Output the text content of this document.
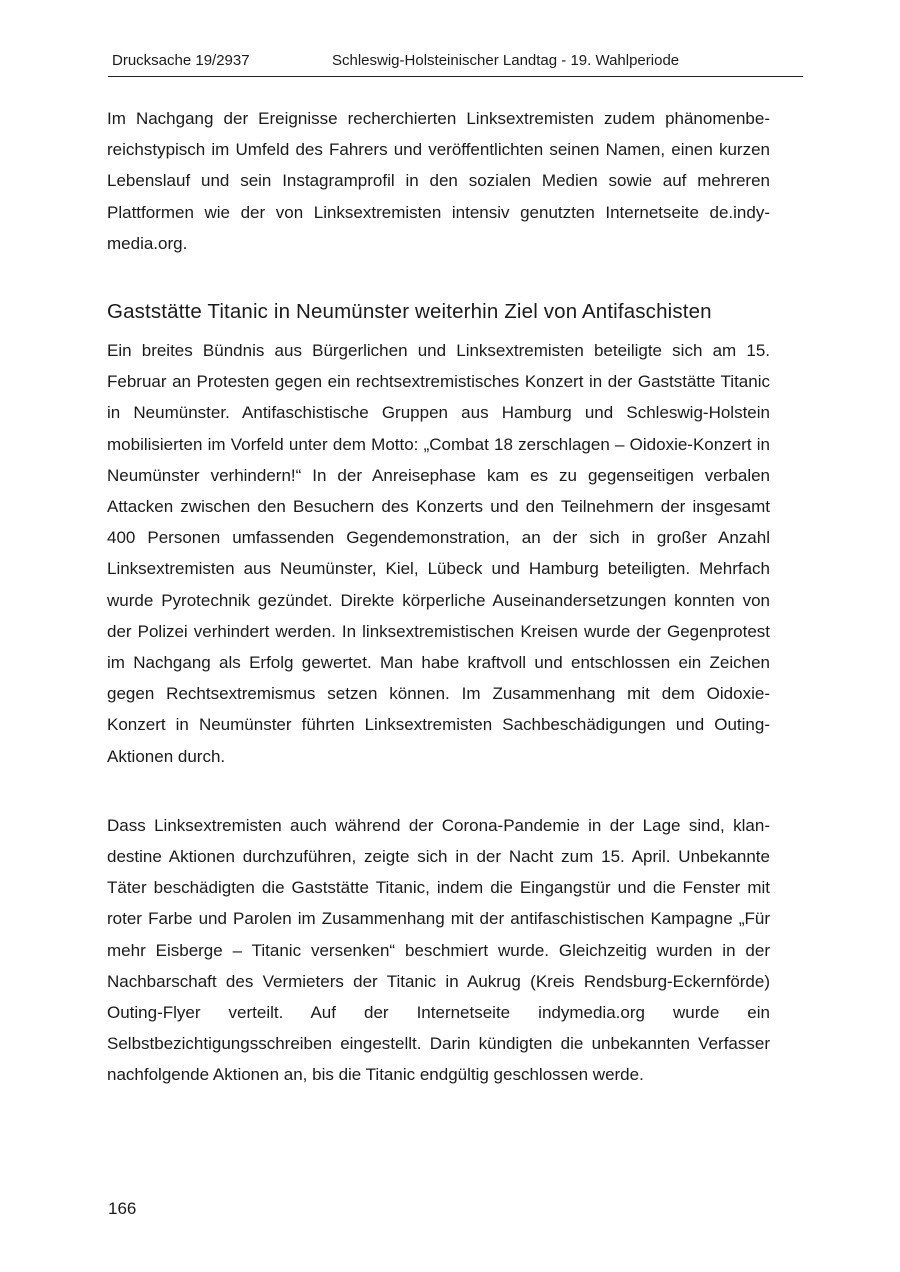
Drucksache 19/2937	Schleswig-Holsteinischer Landtag - 19. Wahlperiode

Im Nachgang der Ereignisse recherchierten Linksextremisten zudem phänomenbereichstypisch im Umfeld des Fahrers und veröffentlichten seinen Namen, einen kurzen Lebenslauf und sein Instagramprofil in den sozialen Medien sowie auf mehreren Plattformen wie der von Linksextremisten intensiv genutzten Internetseite de.indymedia.org.

Gaststätte Titanic in Neumünster weiterhin Ziel von Antifaschisten

Ein breites Bündnis aus Bürgerlichen und Linksextremisten beteiligte sich am 15. Februar an Protesten gegen ein rechtsextremistisches Konzert in der Gaststätte Titanic in Neumünster. Antifaschistische Gruppen aus Hamburg und Schleswig-Holstein mobilisierten im Vorfeld unter dem Motto: „Combat 18 zerschlagen – Oidoxie-Konzert in Neumünster verhindern!“ In der Anreisephase kam es zu gegenseitigen verbalen Attacken zwischen den Besuchern des Konzerts und den Teilnehmern der insgesamt 400 Personen umfassenden Gegendemonstration, an der sich in großer Anzahl Linksextremisten aus Neumünster, Kiel, Lübeck und Hamburg beteiligten. Mehrfach wurde Pyrotechnik gezündet. Direkte körperliche Auseinandersetzungen konnten von der Polizei verhindert werden. In linksextremistischen Kreisen wurde der Gegenprotest im Nachgang als Erfolg gewertet. Man habe kraftvoll und entschlossen ein Zeichen gegen Rechtsextremismus setzen können. Im Zusammenhang mit dem Oidoxie-Konzert in Neumünster führten Linksextremisten Sachbeschädigungen und Outing-Aktionen durch.

Dass Linksextremisten auch während der Corona-Pandemie in der Lage sind, klandestine Aktionen durchzuführen, zeigte sich in der Nacht zum 15. April. Unbekannte Täter beschädigten die Gaststätte Titanic, indem die Eingangstür und die Fenster mit roter Farbe und Parolen im Zusammenhang mit der antifaschistischen Kampagne „Für mehr Eisberge – Titanic versenken“ beschmiert wurde. Gleichzeitig wurden in der Nachbarschaft des Vermieters der Titanic in Aukrug (Kreis Rendsburg-Eckernförde) Outing-Flyer verteilt. Auf der Internetseite indymedia.org wurde ein Selbstbezichtigungsschreiben eingestellt. Darin kündigten die unbekannten Verfasser nachfolgende Aktionen an, bis die Titanic endgültig geschlossen werde.

166
